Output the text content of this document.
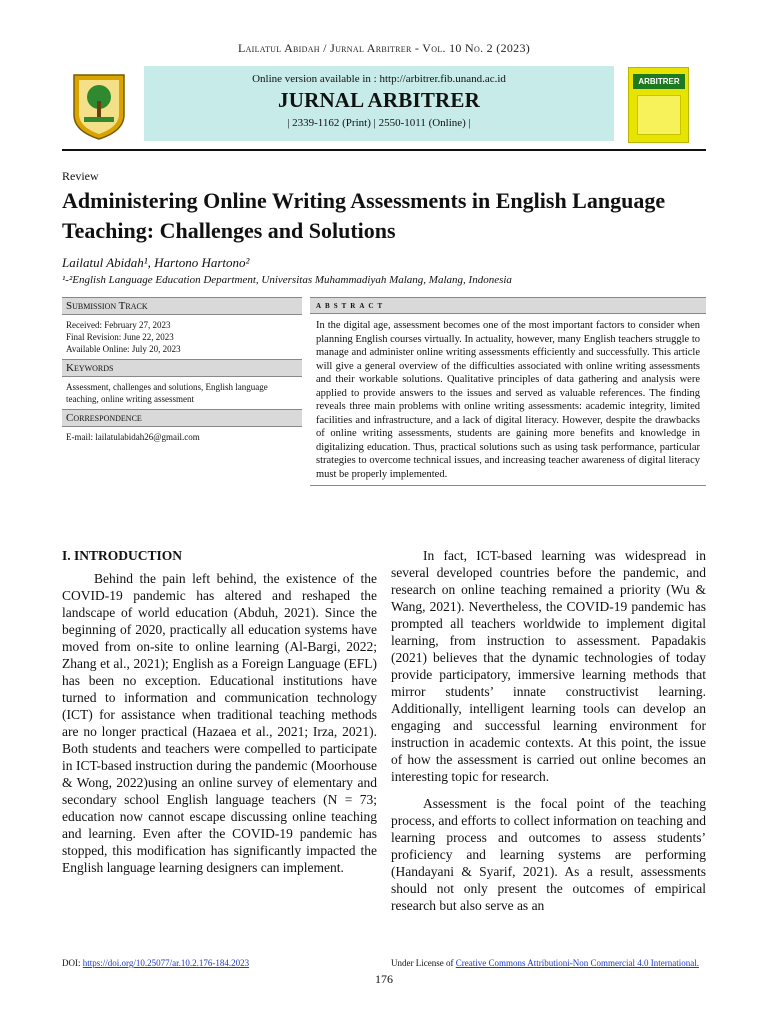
Lailatul Abidah / Jurnal Arbitrer - Vol. 10 No. 2 (2023)
Online version available in : http://arbitrer.fib.unand.ac.id
JURNAL ARBITRER
| 2339-1162 (Print) | 2550-1011 (Online) |
ARBITRER
Review
Administering Online Writing Assessments in English Language Teaching: Challenges and Solutions
Lailatul Abidah¹, Hartono Hartono²
¹‑²English Language Education Department, Universitas Muhammadiyah Malang, Malang, Indonesia
Submission Track
Received: February 27, 2023
Final Revision: June 22, 2023
Available Online: July 20, 2023
Keywords
Assessment, challenges and solutions, English language teaching, online writing assessment
Correspondence
E-mail: lailatulabidah26@gmail.com
abstract
In the digital age, assessment becomes one of the most important factors to consider when planning English courses virtually. In actuality, however, many English teachers struggle to manage and administer online writing assessments efficiently and successfully. This article will give a general overview of the difficulties associated with online writing assessments and their workable solutions. Qualitative principles of data gathering and analysis were applied to provide answers to the issues and served as valuable references. The finding reveals three main problems with online writing assessments: academic integrity, limited facilities and infrastructure, and a lack of digital literacy. However, despite the drawbacks of online writing assessments, students are gaining more benefits and knowledge in digitalizing education. Thus, practical solutions such as using task performance, particular strategies to overcome technical issues, and increasing teacher awareness of digital literacy must be properly implemented.
I. INTRODUCTION

Behind the pain left behind, the existence of the COVID-19 pandemic has altered and reshaped the landscape of world education (Abduh, 2021). Since the beginning of 2020, practically all education systems have moved from on-site to online learning (Al-Bargi, 2022; Zhang et al., 2021); English as a Foreign Language (EFL) has been no exception. Educational institutions have turned to information and communication technology (ICT) for assistance when traditional teaching methods are no longer practical (Hazaea et al., 2021; Irza, 2021). Both students and teachers were compelled to participate in ICT-based instruction during the pandemic (Moorhouse & Wong, 2022)using an online survey of elementary and secondary school English language teachers (N = 73; education now cannot escape discussing online teaching and learning. Even after the COVID-19 pandemic has stopped, this modification has significantly impacted the English language learning designers can implement.

In fact, ICT-based learning was widespread in several developed countries before the pandemic, and research on online teaching remained a priority (Wu & Wang, 2021). Nevertheless, the COVID-19 pandemic has prompted all teachers worldwide to implement digital learning, from instruction to assessment. Papadakis (2021) believes that the dynamic technologies of today provide participatory, immersive learning methods that mirror students’ innate constructivist learning. Additionally, intelligent learning tools can develop an engaging and successful learning environment for instruction in academic contexts. At this point, the issue of how the assessment is carried out online becomes an interesting topic for research.

Assessment is the focal point of the teaching process, and efforts to collect information on teaching and learning process and outcomes to assess students’ proficiency and learning systems are performing (Handayani & Syarif, 2021). As a result, assessments should not only present the outcomes of empirical research but also serve as an

DOI: https://doi.org/10.25077/ar.10.2.176-184.2023	Under License of Creative Commons Attributioni-Non Commercial 4.0 International.
176
